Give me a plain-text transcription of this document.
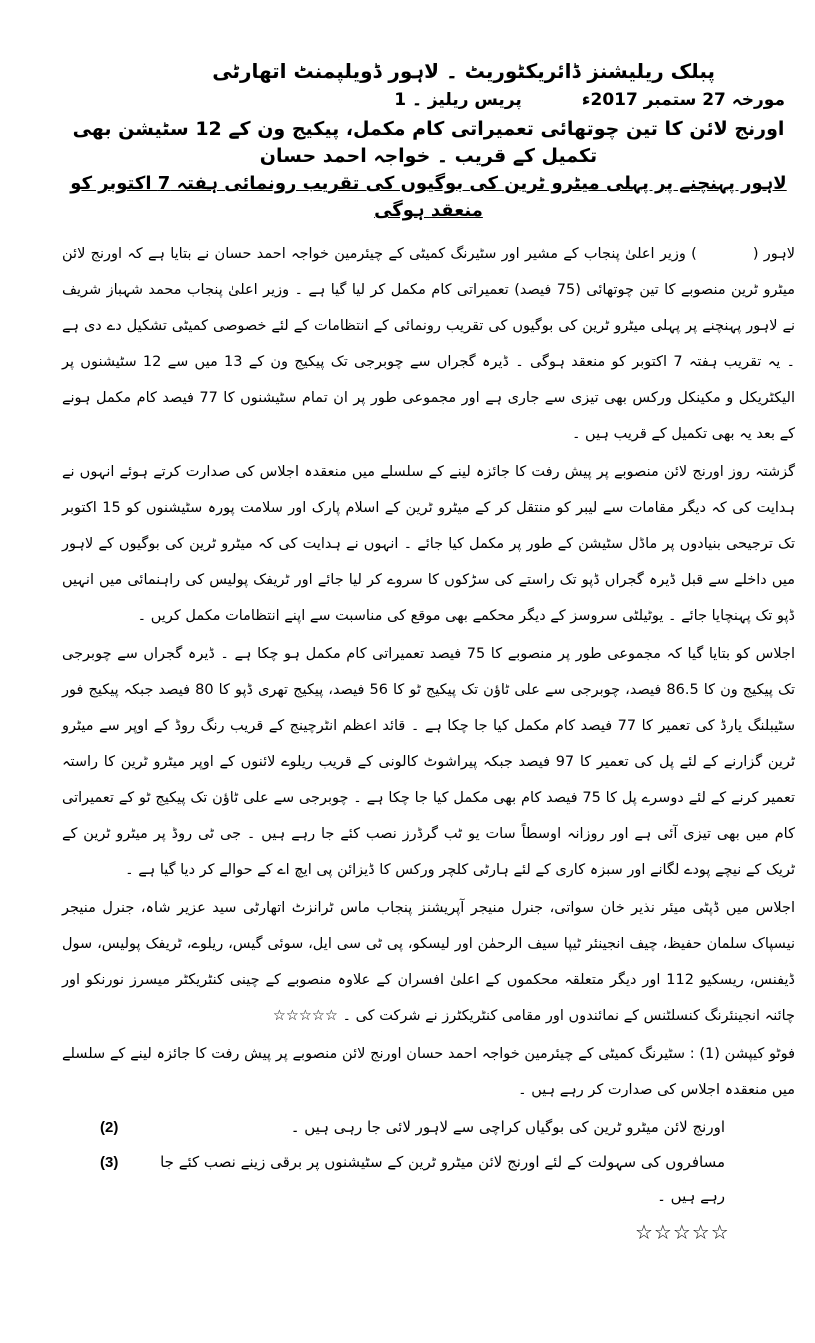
پبلک ریلیشنز ڈائریکٹوریٹ ۔ لاہور ڈویلپمنٹ اتھارٹی
مورخہ 27 ستمبر 2017ء
پریس ریلیز ۔ 1
اورنج لائن کا تین چوتھائی تعمیراتی کام مکمل، پیکیج ون کے 12 سٹیشن بھی تکمیل کے قریب ۔ خواجہ احمد حسان
لاہور پہنچنے پر پہلی میٹرو ٹرین کی بوگیوں کی تقریب رونمائی ہفتہ 7 اکتوبر کو منعقد ہوگی

لاہور () وزیر اعلیٰ پنجاب کے مشیر اور سٹیرنگ کمیٹی کے چیئرمین خواجہ احمد حسان نے بتایا ہے کہ اورنج لائن میٹرو ٹرین منصوبے کا تین چوتھائی (75 فیصد) تعمیراتی کام مکمل کر لیا گیا ہے ۔ وزیر اعلیٰ پنجاب محمد شہباز شریف نے لاہور پہنچنے پر پہلی میٹرو ٹرین کی بوگیوں کی تقریب رونمائی کے انتظامات کے لئے خصوصی کمیٹی تشکیل دے دی ہے ۔ یہ تقریب ہفتہ 7 اکتوبر کو منعقد ہوگی ۔ ڈیرہ گجراں سے چوبرجی تک پیکیج ون کے 13 میں سے 12 سٹیشنوں پر الیکٹریکل و مکینکل ورکس بھی تیزی سے جاری ہے اور مجموعی طور پر ان تمام سٹیشنوں کا 77 فیصد کام مکمل ہونے کے بعد یہ بھی تکمیل کے قریب ہیں ۔

گزشتہ روز اورنج لائن منصوبے پر پیش رفت کا جائزہ لینے کے سلسلے میں منعقدہ اجلاس کی صدارت کرتے ہوئے انہوں نے ہدایت کی کہ دیگر مقامات سے لیبر کو منتقل کر کے میٹرو ٹرین کے اسلام پارک اور سلامت پورہ سٹیشنوں کو 15 اکتوبر تک ترجیحی بنیادوں پر ماڈل سٹیشن کے طور پر مکمل کیا جائے ۔ انہوں نے ہدایت کی کہ میٹرو ٹرین کی بوگیوں کے لاہور میں داخلے سے قبل ڈیرہ گجراں ڈپو تک راستے کی سڑکوں کا سروے کر لیا جائے اور ٹریفک پولیس کی راہنمائی میں انہیں ڈپو تک پہنچایا جائے ۔ یوٹیلٹی سروسز کے دیگر محکمے بھی موقع کی مناسبت سے اپنے انتظامات مکمل کریں ۔

اجلاس کو بتایا گیا کہ مجموعی طور پر منصوبے کا 75 فیصد تعمیراتی کام مکمل ہو چکا ہے ۔ ڈیرہ گجراں سے چوبرجی تک پیکیج ون کا 86.5 فیصد، چوبرجی سے علی ٹاؤن تک پیکیج ٹو کا 56 فیصد، پیکیج تھری ڈپو کا 80 فیصد جبکہ پیکیج فور سٹیبلنگ یارڈ کی تعمیر کا 77 فیصد کام مکمل کیا جا چکا ہے ۔ قائد اعظم انٹرچینج کے قریب رنگ روڈ کے اوپر سے میٹرو ٹرین گزارنے کے لئے پل کی تعمیر کا 97 فیصد جبکہ پیراشوٹ کالونی کے قریب ریلوے لائنوں کے اوپر میٹرو ٹرین کا راستہ تعمیر کرنے کے لئے دوسرے پل کا 75 فیصد کام بھی مکمل کیا جا چکا ہے ۔ چوبرجی سے علی ٹاؤن تک پیکیج ٹو کے تعمیراتی کام میں بھی تیزی آئی ہے اور روزانہ اوسطاً سات یو ٹب گرڈرز نصب کئے جا رہے ہیں ۔ جی ٹی روڈ پر میٹرو ٹرین کے ٹریک کے نیچے پودے لگانے اور سبزہ کاری کے لئے ہارٹی کلچر ورکس کا ڈیزائن پی ایچ اے کے حوالے کر دیا گیا ہے ۔

اجلاس میں ڈپٹی میئر نذیر خان سواتی، جنرل منیجر آپریشنز پنجاب ماس ٹرانزٹ اتھارٹی سید عزیر شاہ، جنرل منیجر نیسپاک سلمان حفیظ، چیف انجینئر ٹیپا سیف الرحمٰن اور لیسکو، پی ٹی سی ایل، سوئی گیس، ریلوے، ٹریفک پولیس، سول ڈیفنس، ریسکیو 112 اور دیگر متعلقہ محکموں کے اعلیٰ افسران کے علاوہ منصوبے کے چینی کنٹریکٹر میسرز نورنکو اور چائنہ انجینئرنگ کنسلٹنس کے نمائندوں اور مقامی کنٹریکٹرز نے شرکت کی ۔ ☆☆☆☆☆

فوٹو کیپشن (1) : سٹیرنگ کمیٹی کے چیئرمین خواجہ احمد حسان اورنج لائن منصوبے پر پیش رفت کا جائزہ لینے کے سلسلے میں منعقدہ اجلاس کی صدارت کر رہے ہیں ۔

(2)	اورنج لائن میٹرو ٹرین کی بوگیاں کراچی سے لاہور لائی جا رہی ہیں ۔
(3)	مسافروں کی سہولت کے لئے اورنج لائن میٹرو ٹرین کے سٹیشنوں پر برقی زینے نصب کئے جا رہے ہیں ۔
☆☆☆☆☆
